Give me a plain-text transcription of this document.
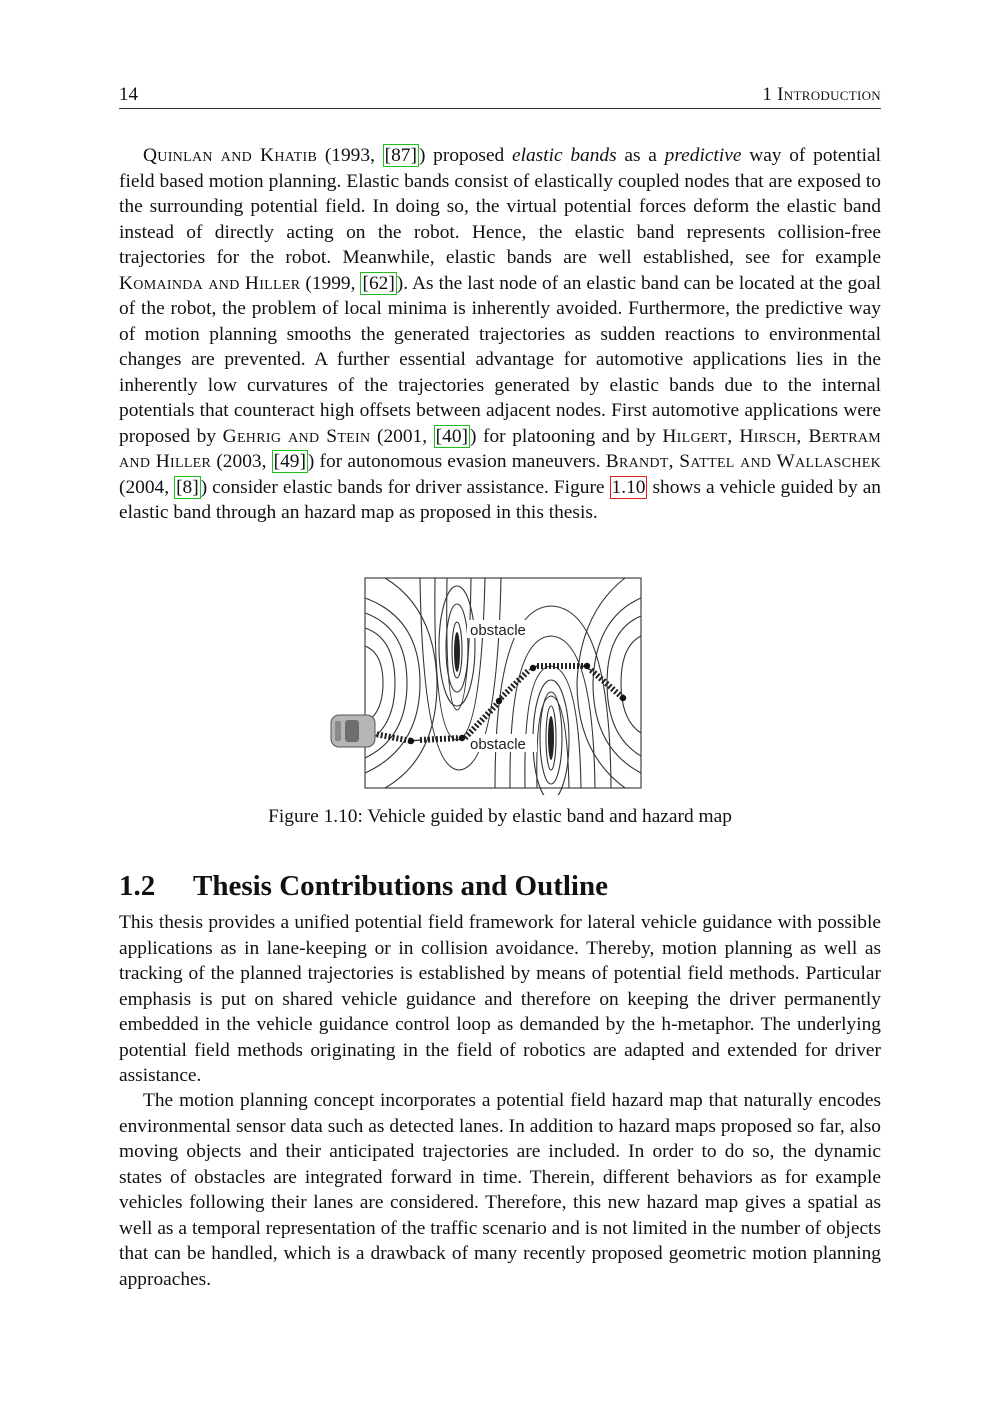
14	1 Introduction

Quinlan and Khatib (1993, [87] ) proposed elastic bands as a predictive way of potential field based motion planning. Elastic bands consist of elastically coupled nodes that are exposed to the surrounding potential field. In doing so, the virtual potential forces deform the elastic band instead of directly acting on the robot. Hence, the elastic band represents collision-free trajectories for the robot. Meanwhile, elastic bands are well established, see for example Komainda and Hiller (1999, [62] ). As the last node of an elastic band can be located at the goal of the robot, the problem of local minima is inherently avoided. Furthermore, the predictive way of motion planning smooths the generated trajectories as sudden reactions to environmental changes are prevented. A further essential advantage for automotive applications lies in the inherently low curvatures of the trajectories generated by elastic bands due to the internal potentials that counteract high offsets between adjacent nodes. First automotive applications were proposed by Gehrig and Stein (2001, [40] ) for platooning and by Hilgert, Hirsch, Bertram and Hiller (2003, [49] ) for autonomous evasion maneuvers. Brandt, Sattel and Wallaschek (2004, [8] ) consider elastic bands for driver assistance. Figure 1.10 shows a vehicle guided by an elastic band through an hazard map as proposed in this thesis.

obstacle
obstacle
Figure 1.10: Vehicle guided by elastic band and hazard map
1.2 Thesis Contributions and Outline

This thesis provides a unified potential field framework for lateral vehicle guidance with possible applications as in lane-keeping or in collision avoidance. Thereby, motion planning as well as tracking of the planned trajectories is established by means of potential field methods. Particular emphasis is put on shared vehicle guidance and therefore on keeping the driver permanently embedded in the vehicle guidance control loop as demanded by the h-metaphor. The underlying potential field methods originating in the field of robotics are adapted and extended for driver assistance.

The motion planning concept incorporates a potential field hazard map that naturally encodes environmental sensor data such as detected lanes. In addition to hazard maps proposed so far, also moving objects and their anticipated trajectories are included. In order to do so, the dynamic states of obstacles are integrated forward in time. Therein, different behaviors as for example vehicles following their lanes are considered. Therefore, this new hazard map gives a spatial as well as a temporal representation of the traffic scenario and is not limited in the number of objects that can be handled, which is a drawback of many recently proposed geometric motion planning approaches.
